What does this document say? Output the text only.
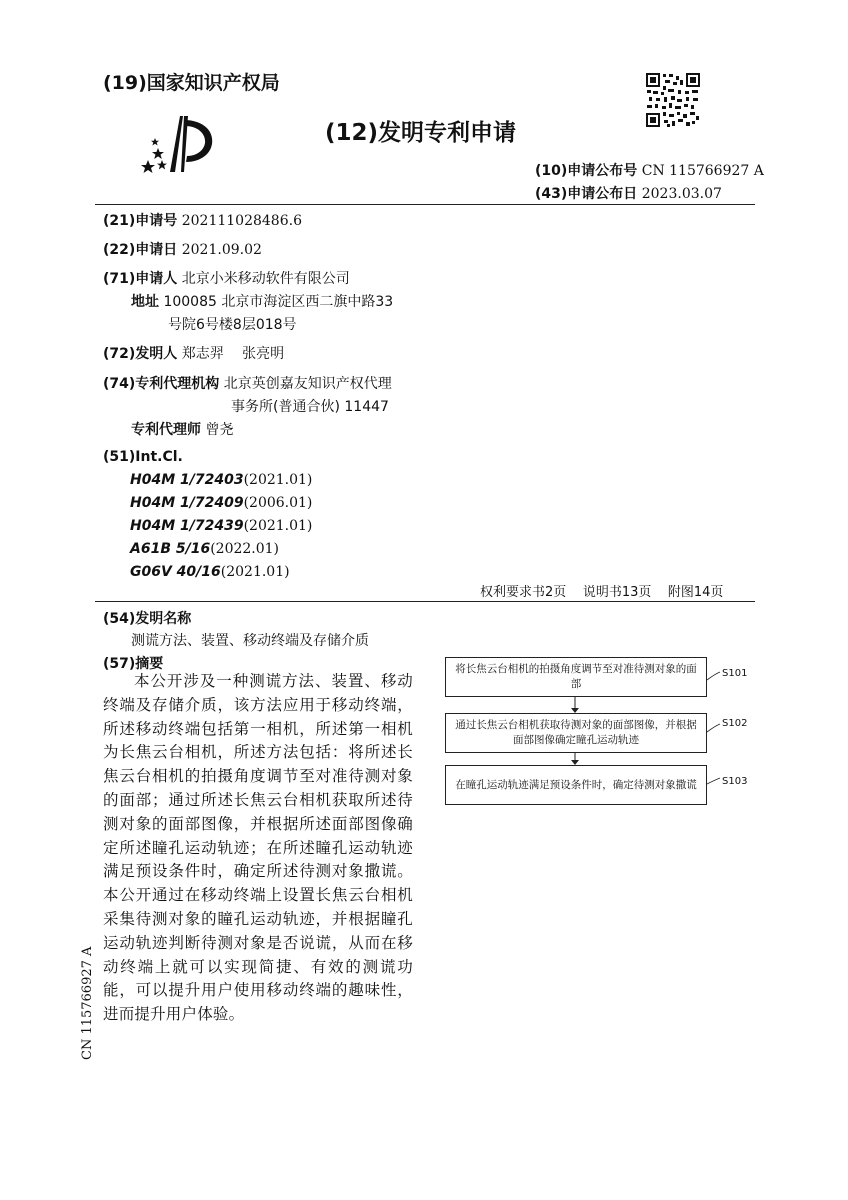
(19)国家知识产权局
(12)发明专利申请
(10)申请公布号 CN 115766927 A
(43)申请公布日 2023.03.07
(21)申请号 202111028486.6
(22)申请日 2021.09.02
(71)申请人 北京小米移动软件有限公司
地址 100085 北京市海淀区西二旗中路33
号院6号楼8层018号
(72)发明人 郑志羿　 张亮明
(74)专利代理机构 北京英创嘉友知识产权代理
事务所(普通合伙) 11447
专利代理师 曾尧
(51)Int.Cl.
H04M 1/72403(2021.01)
H04M 1/72409(2006.01)
H04M 1/72439(2021.01)
A61B 5/16(2022.01)
G06V 40/16(2021.01)
权利要求书2页 说明书13页 附图14页
(54)发明名称
测谎方法、装置、移动终端及存储介质
(57)摘要
本公开涉及一种测谎方法、装置、移动终端及存储介质，该方法应用于移动终端，所述移动终端包括第一相机，所述第一相机为长焦云台相机，所述方法包括：将所述长焦云台相机的拍摄角度调节至对准待测对象的面部；通过所述长焦云台相机获取所述待测对象的面部图像，并根据所述面部图像确定所述瞳孔运动轨迹；在所述瞳孔运动轨迹满足预设条件时，确定所述待测对象撒谎。本公开通过在移动终端上设置长焦云台相机采集待测对象的瞳孔运动轨迹，并根据瞳孔运动轨迹判断待测对象是否说谎，从而在移动终端上就可以实现简捷、有效的测谎功能，可以提升用户使用移动终端的趣味性，进而提升用户体验。
将长焦云台相机的拍摄角度调节至对准待测对象的面部
S101
通过长焦云台相机获取待测对象的面部图像，并根据面部图像确定瞳孔运动轨迹
S102
在瞳孔运动轨迹满足预设条件时，确定待测对象撒谎	S103
CN 115766927 A
